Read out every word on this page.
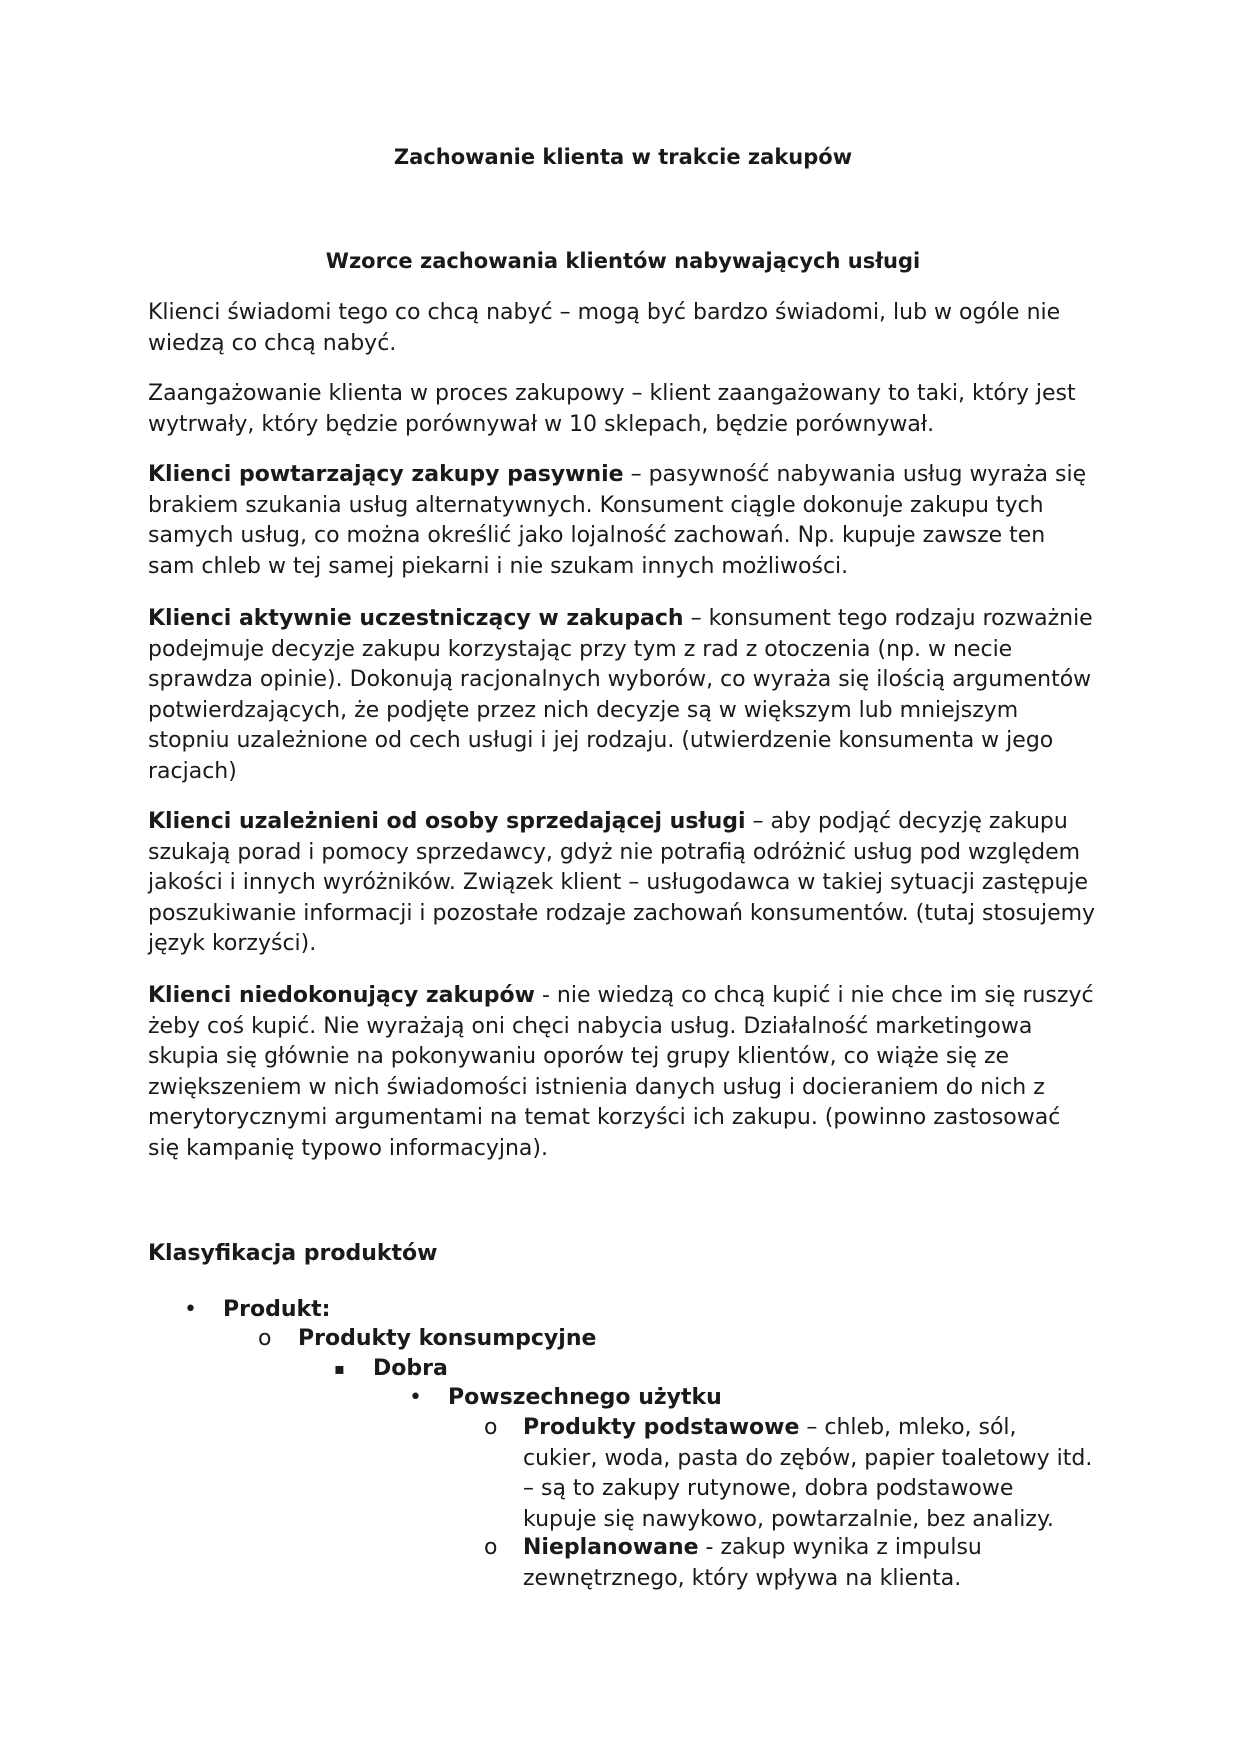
Zachowanie klienta w trakcie zakupów
Wzorce zachowania klientów nabywających usługi

Klienci świadomi tego co chcą nabyć – mogą być bardzo świadomi, lub w ogóle nie wiedzą co chcą nabyć.

Zaangażowanie klienta w proces zakupowy – klient zaangażowany to taki, który jest wytrwały, który będzie porównywał w 10 sklepach, będzie porównywał.

Klienci powtarzający zakupy pasywnie – pasywność nabywania usług wyraża się brakiem szukania usług alternatywnych. Konsument ciągle dokonuje zakupu tych samych usług, co można określić jako lojalność zachowań. Np. kupuje zawsze ten sam chleb w tej samej piekarni i nie szukam innych możliwości.

Klienci aktywnie uczestniczący w zakupach – konsument tego rodzaju rozważnie podejmuje decyzje zakupu korzystając przy tym z rad z otoczenia (np. w necie sprawdza opinie). Dokonują racjonalnych wyborów, co wyraża się ilością argumentów potwierdzających, że podjęte przez nich decyzje są w większym lub mniejszym stopniu uzależnione od cech usługi i jej rodzaju. (utwierdzenie konsumenta w jego racjach)

Klienci uzależnieni od osoby sprzedającej usługi – aby podjąć decyzję zakupu szukają porad i pomocy sprzedawcy, gdyż nie potrafią odróżnić usług pod względem jakości i innych wyróżników. Związek klient – usługodawca w takiej sytuacji zastępuje poszukiwanie informacji i pozostałe rodzaje zachowań konsumentów. (tutaj stosujemy język korzyści).

Klienci niedokonujący zakupów - nie wiedzą co chcą kupić i nie chce im się ruszyć żeby coś kupić. Nie wyrażają oni chęci nabycia usług. Działalność marketingowa skupia się głównie na pokonywaniu oporów tej grupy klientów, co wiąże się ze zwiększeniem w nich świadomości istnienia danych usług i docieraniem do nich z merytorycznymi argumentami na temat korzyści ich zakupu. (powinno zastosować się kampanię typowo informacyjna).

Klasyfikacja produktów
• Produkt:

o Produkty konsumpcyjne

▪ Dobra

• Powszechnego użytku

o Produkty podstawowe – chleb, mleko, sól, cukier, woda, pasta do zębów, papier toaletowy itd. – są to zakupy rutynowe, dobra podstawowe kupuje się nawykowo, powtarzalnie, bez analizy.

o Nieplanowane - zakup wynika z impulsu zewnętrznego, który wpływa na klienta.
